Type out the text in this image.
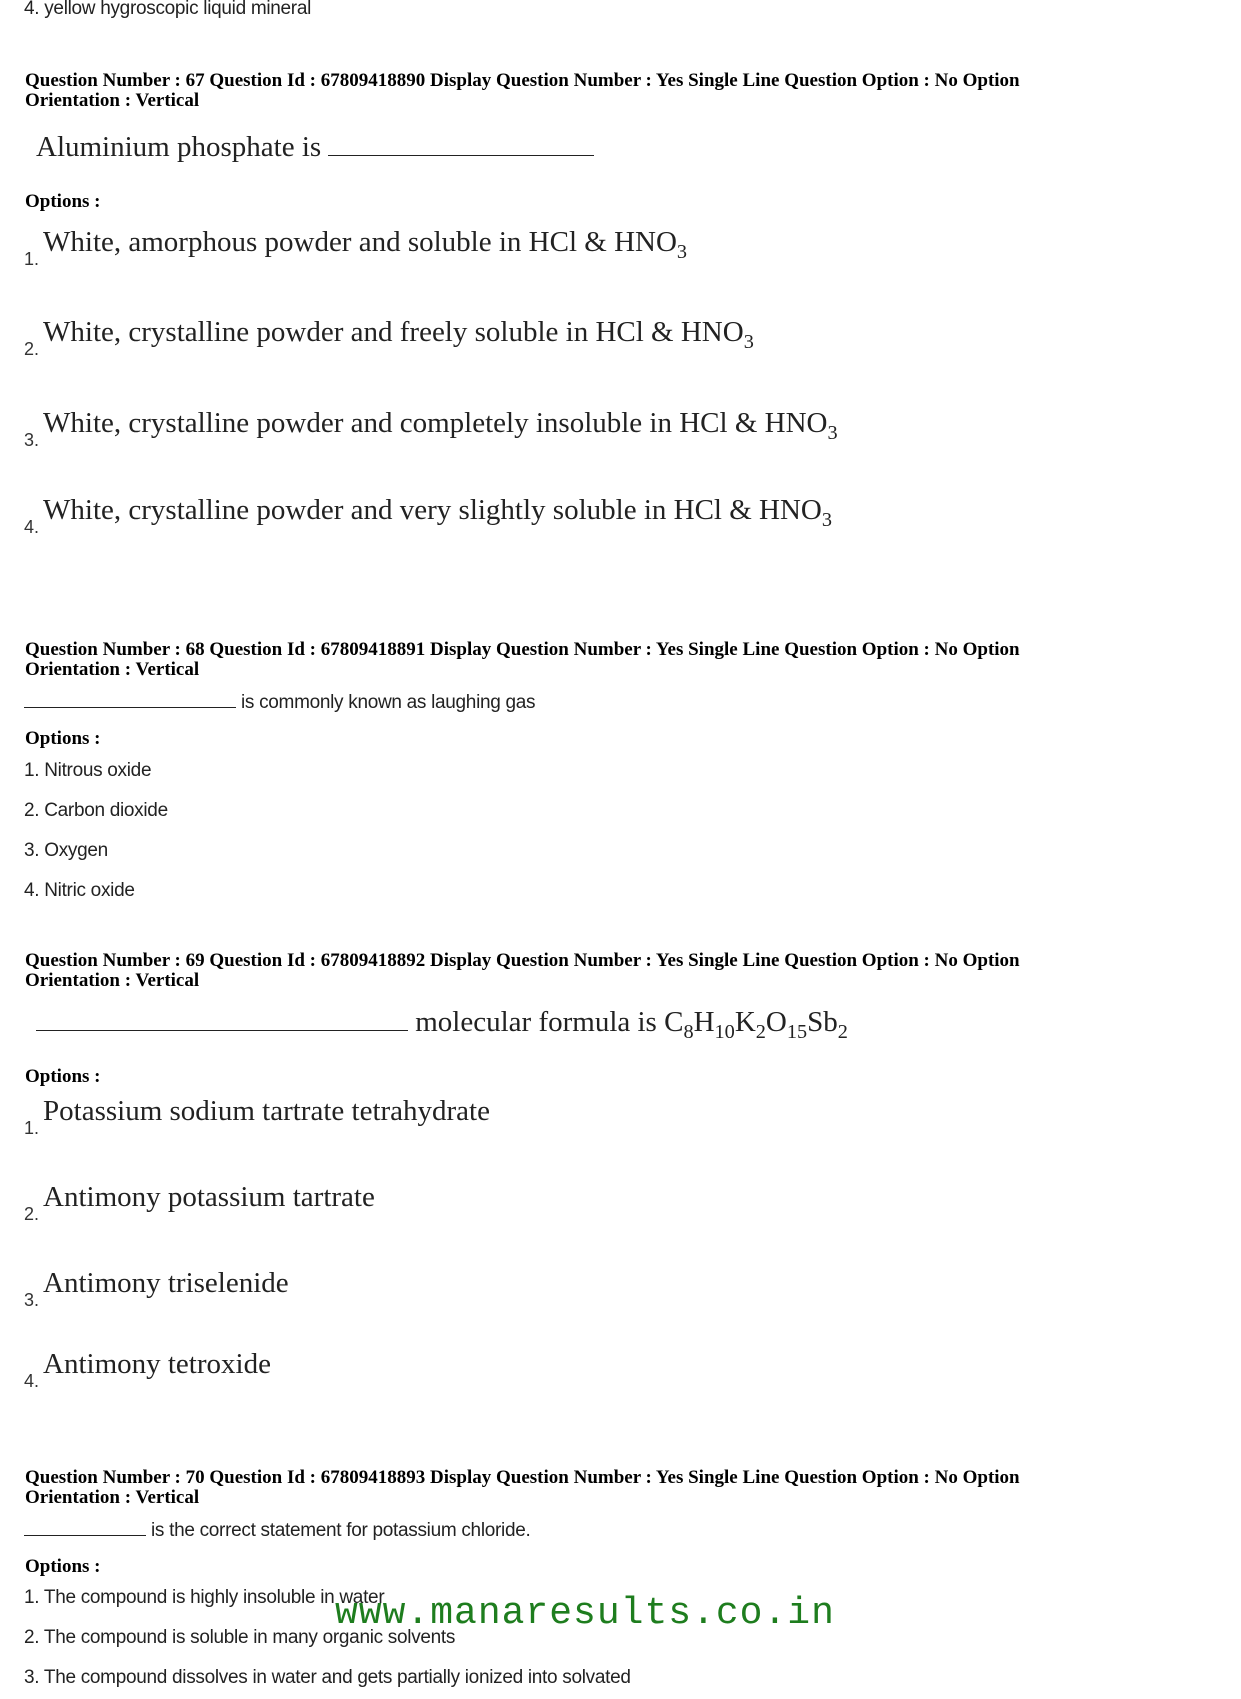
4. yellow hygroscopic liquid mineral
Question Number : 67 Question Id : 67809418890 Display Question Number : Yes Single Line Question Option : No Option
Orientation : Vertical
Aluminium phosphate is
Options :
1. White, amorphous powder and soluble in HCl & $HNO_3$
2. White, crystalline powder and freely soluble in HCl & $HNO_3$
3. White, crystalline powder and completely insoluble in HCl & $HNO_3$
4. White, crystalline powder and very slightly soluble in HCl & $HNO_3$
Question Number : 68 Question Id : 67809418891 Display Question Number : Yes Single Line Question Option : No Option
Orientation : Vertical
is commonly known as laughing gas
Options :
1. Nitrous oxide
2. Carbon dioxide
3. Oxygen
4. Nitric oxide
Question Number : 69 Question Id : 67809418892 Display Question Number : Yes Single Line Question Option : No Option
Orientation : Vertical
molecular formula is $C_8H_{10}K_2O_{15}Sb_2$
Options :
1. Potassium sodium tartrate tetrahydrate
2. Antimony potassium tartrate
3. Antimony triselenide
4. Antimony tetroxide
Question Number : 70 Question Id : 67809418893 Display Question Number : Yes Single Line Question Option : No Option
Orientation : Vertical
is the correct statement for potassium chloride.
Options :
1. The compound is highly insoluble in water
2. The compound is soluble in many organic solvents
3. The compound dissolves in water and gets partially ionized into solvated
www.manaresults.co.in
